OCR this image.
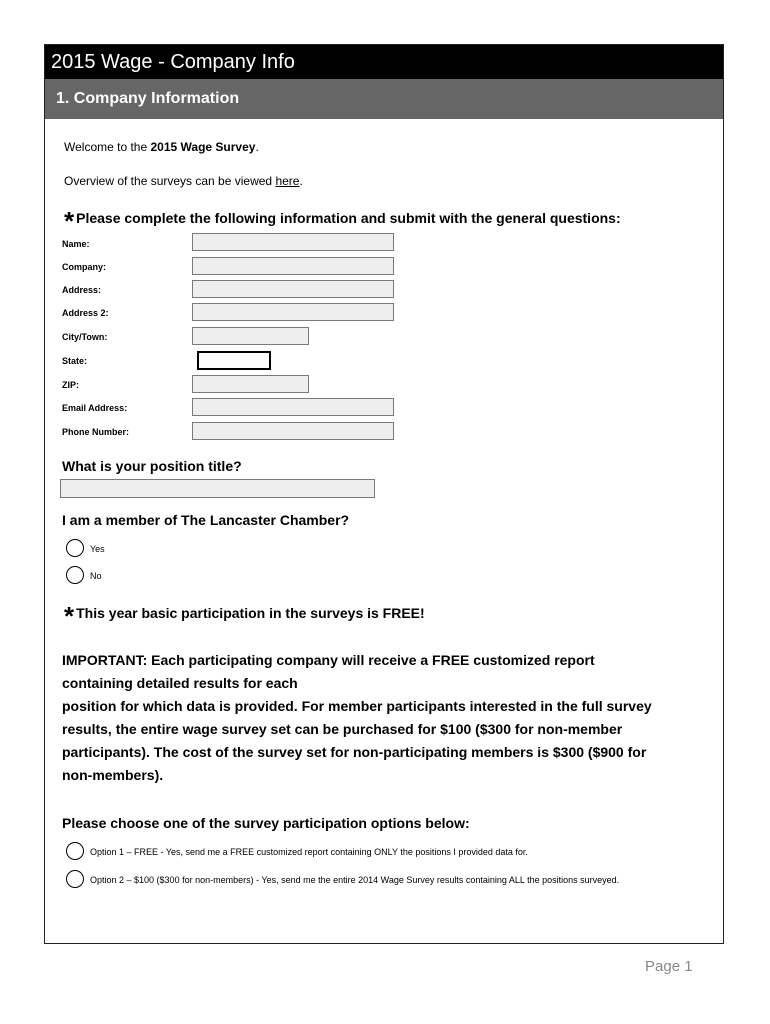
2015 Wage - Company Info
1. Company Information
Welcome to the 2015 Wage Survey.
Overview of the surveys can be viewed here.
* Please complete the following information and submit with the general questions:
Name:
Company:
Address:
Address 2:
City/Town:
State:
ZIP:
Email Address:
Phone Number:
What is your position title?
I am a member of The Lancaster Chamber?
Yes
No
* This year basic participation in the surveys is FREE!
IMPORTANT: Each participating company will receive a FREE customized report
containing detailed results for each
position for which data is provided. For member participants interested in the full survey
results, the entire wage survey set can be purchased for $100 ($300 for non-member
participants). The cost of the survey set for non-participating members is $300 ($900 for
non-members).
Please choose one of the survey participation options below:
Option 1 – FREE - Yes, send me a FREE customized report containing ONLY the positions I provided data for.
Option 2 – $100 ($300 for non-members) - Yes, send me the entire 2014 Wage Survey results containing ALL the positions surveyed.
Page 1
